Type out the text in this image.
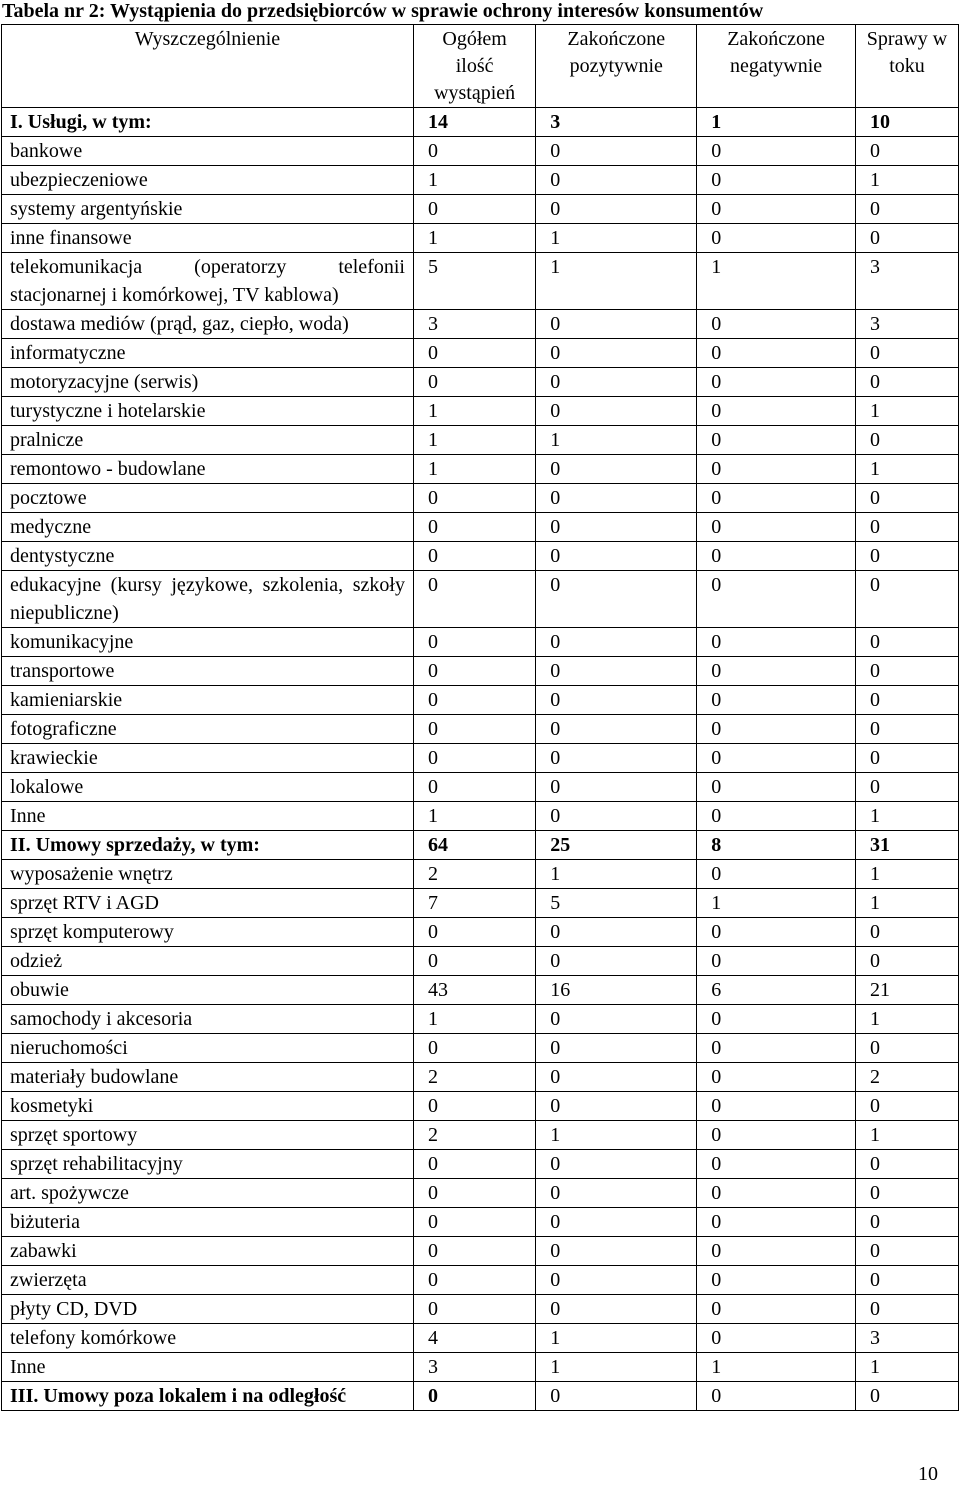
Tabela nr 2: Wystąpienia do przedsiębiorców w sprawie ochrony interesów konsumentów
Wyszczególnienie	Ogółem ilość wystąpień	Zakończone pozytywnie	Zakończone negatywnie	Sprawy w toku
I. Usługi, w tym:	14	3	1	10
bankowe	0	0	0	0
ubezpieczeniowe	1	0	0	1
systemy argentyńskie	0	0	0	0
inne finansowe	1	1	0	0
telekomunikacja (operatorzy telefonii stacjonarnej i komórkowej, TV kablowa)	5	1	1	3
dostawa mediów (prąd, gaz, ciepło, woda)	3	0	0	3
informatyczne	0	0	0	0
motoryzacyjne (serwis)	0	0	0	0
turystyczne i hotelarskie	1	0	0	1
pralnicze	1	1	0	0
remontowo - budowlane	1	0	0	1
pocztowe	0	0	0	0
medyczne	0	0	0	0
dentystyczne	0	0	0	0
edukacyjne (kursy językowe, szkolenia, szkoły niepubliczne)	0	0	0	0
komunikacyjne	0	0	0	0
transportowe	0	0	0	0
kamieniarskie	0	0	0	0
fotograficzne	0	0	0	0
krawieckie	0	0	0	0
lokalowe	0	0	0	0
Inne	1	0	0	1
II. Umowy sprzedaży, w tym:	64	25	8	31
wyposażenie wnętrz	2	1	0	1
sprzęt RTV i AGD	7	5	1	1
sprzęt komputerowy	0	0	0	0
odzież	0	0	0	0
obuwie	43	16	6	21
samochody i akcesoria	1	0	0	1
nieruchomości	0	0	0	0
materiały budowlane	2	0	0	2
kosmetyki	0	0	0	0
sprzęt sportowy	2	1	0	1
sprzęt rehabilitacyjny	0	0	0	0
art. spożywcze	0	0	0	0
biżuteria	0	0	0	0
zabawki	0	0	0	0
zwierzęta	0	0	0	0
płyty CD, DVD	0	0	0	0
telefony komórkowe	4	1	0	3
Inne	3	1	1	1
III. Umowy poza lokalem i na odległość	0	0	0	0
10
